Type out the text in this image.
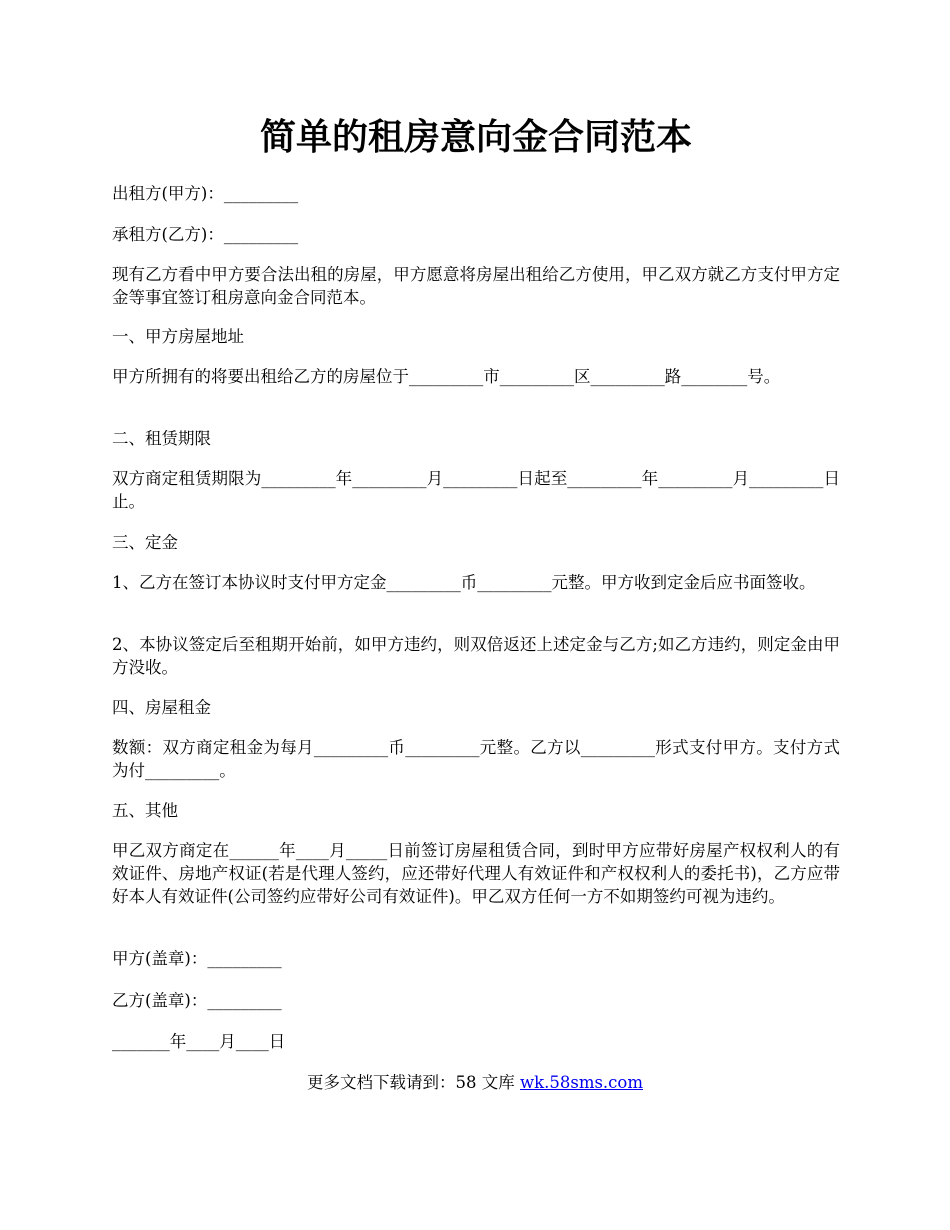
简单的租房意向金合同范本

出租方(甲方)：_________

承租方(乙方)：_________

现有乙方看中甲方要合法出租的房屋，甲方愿意将房屋出租给乙方使用，甲乙双方就乙方支付甲方定金等事宜签订租房意向金合同范本。

一、甲方房屋地址

甲方所拥有的将要出租给乙方的房屋位于_________市_________区_________路________号。

二、租赁期限

双方商定租赁期限为_________年_________月_________日起至_________年_________月_________日止。

三、定金

1、乙方在签订本协议时支付甲方定金_________币_________元整。甲方收到定金后应书面签收。

2、本协议签定后至租期开始前，如甲方违约，则双倍返还上述定金与乙方;如乙方违约，则定金由甲方没收。

四、房屋租金

数额：双方商定租金为每月_________币_________元整。乙方以_________形式支付甲方。支付方式为付_________。

五、其他

甲乙双方商定在______年____月_____日前签订房屋租赁合同，到时甲方应带好房屋产权权利人的有效证件、房地产权证(若是代理人签约，应还带好代理人有效证件和产权权利人的委托书)，乙方应带好本人有效证件(公司签约应带好公司有效证件)。甲乙双方任何一方不如期签约可视为违约。

甲方(盖章)：_________

乙方(盖章)：_________

_______年____月____日

更多文档下载请到：58 文库 wk.58sms.com
